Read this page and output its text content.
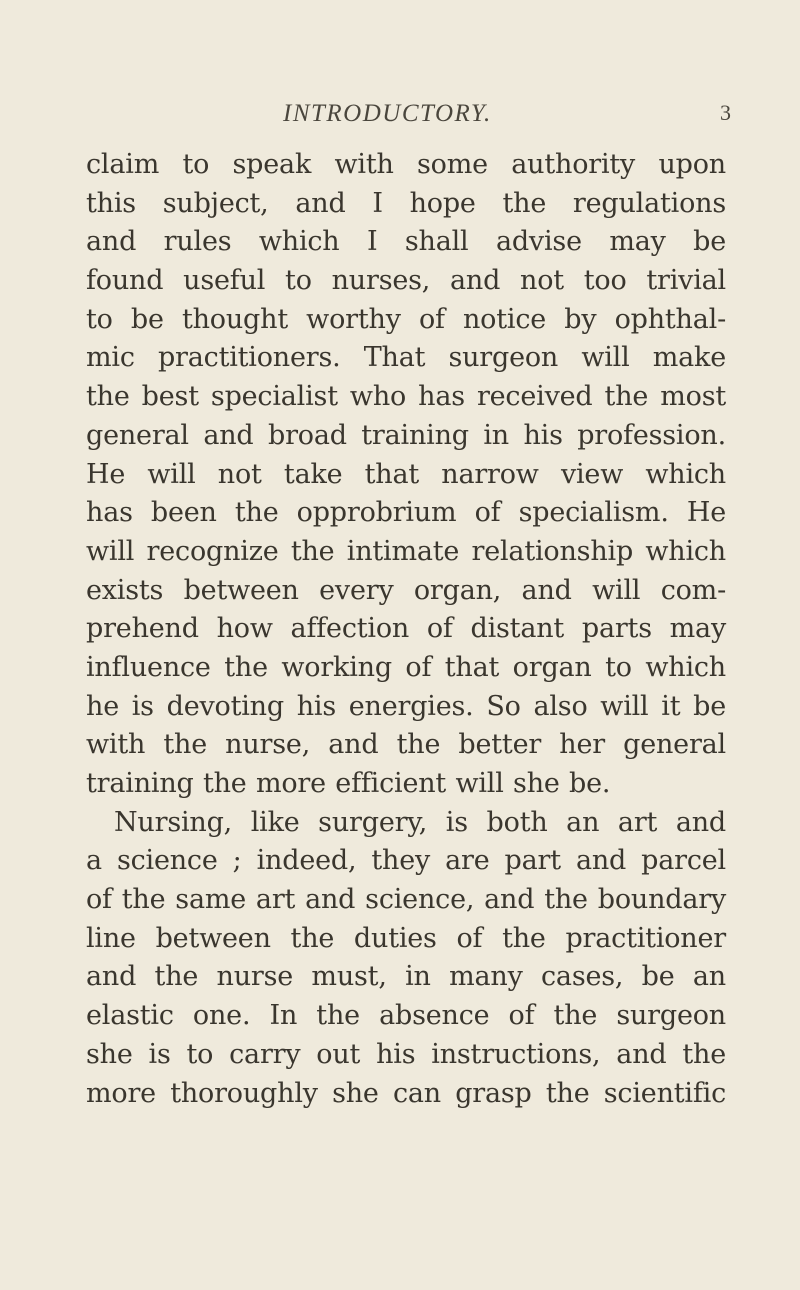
INTRODUCTORY.	3
claim to speak with some authority upon
this subject, and I hope the regulations
and rules which I shall advise may be
found useful to nurses, and not too trivial
to be thought worthy of notice by ophthal-
mic practitioners. That surgeon will make
the best specialist who has received the most
general and broad training in his profession.
He will not take that narrow view which
has been the opprobrium of specialism. He
will recognize the intimate relationship which
exists between every organ, and will com-
prehend how affection of distant parts may
influence the working of that organ to which
he is devoting his energies. So also will it be
with the nurse, and the better her general
training the more efficient will she be.
Nursing, like surgery, is both an art and
a science ; indeed, they are part and parcel
of the same art and science, and the boundary
line between the duties of the practitioner
and the nurse must, in many cases, be an
elastic one. In the absence of the surgeon
she is to carry out his instructions, and the
more thoroughly she can grasp the scientific
